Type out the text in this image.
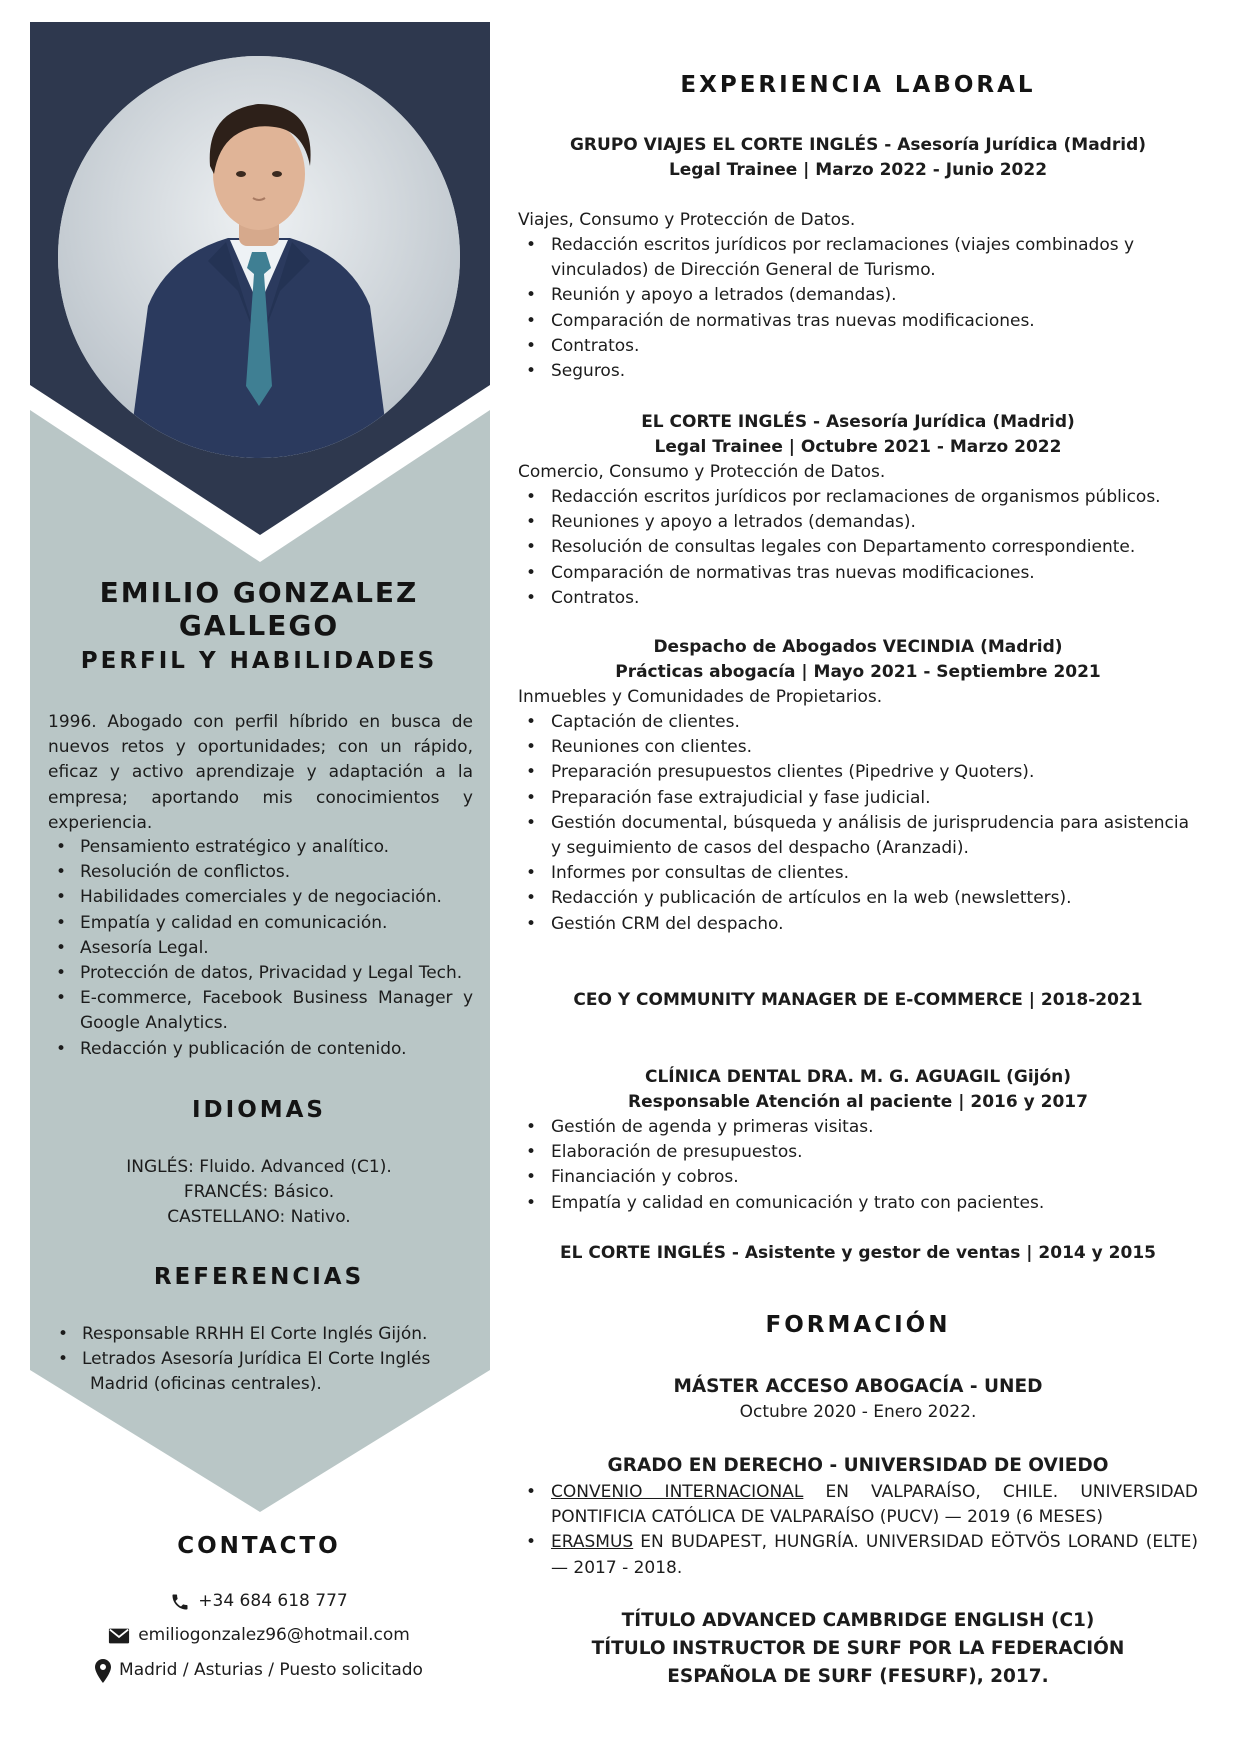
EMILIO GONZALEZ GALLEGO
PERFIL Y HABILIDADES
1996. Abogado con perfil híbrido en busca de nuevos retos y oportunidades; con un rápido, eficaz y activo aprendizaje y adaptación a la empresa; aportando mis conocimientos y experiencia.
• Pensamiento estratégico y analítico.
• Resolución de conflictos.
• Habilidades comerciales y de negociación.
• Empatía y calidad en comunicación.
• Asesoría Legal.
• Protección de datos, Privacidad y Legal Tech.
• E-commerce, Facebook Business Manager y Google Analytics.
• Redacción y publicación de contenido.
IDIOMAS
INGLÉS: Fluido. Advanced (C1).
FRANCÉS: Básico.
CASTELLANO: Nativo.
REFERENCIAS
• Responsable RRHH El Corte Inglés Gijón.
• Letrados Asesoría Jurídica El Corte Inglés Madrid (oficinas centrales).
CONTACTO
+34 684 618 777
emiliogonzalez96@hotmail.com
Madrid / Asturias / Puesto solicitado
EXPERIENCIA LABORAL
GRUPO VIAJES EL CORTE INGLÉS - Asesoría Jurídica (Madrid)
Legal Trainee | Marzo 2022 - Junio 2022
Viajes, Consumo y Protección de Datos.
• Redacción escritos jurídicos por reclamaciones (viajes combinados y vinculados) de Dirección General de Turismo.
• Reunión y apoyo a letrados (demandas).
• Comparación de normativas tras nuevas modificaciones.
• Contratos.
• Seguros.
EL CORTE INGLÉS - Asesoría Jurídica (Madrid)
Legal Trainee | Octubre 2021 - Marzo 2022
Comercio, Consumo y Protección de Datos.
• Redacción escritos jurídicos por reclamaciones de organismos públicos.
• Reuniones y apoyo a letrados (demandas).
• Resolución de consultas legales con Departamento correspondiente.
• Comparación de normativas tras nuevas modificaciones.
• Contratos.
Despacho de Abogados VECINDIA (Madrid)
Prácticas abogacía | Mayo 2021 - Septiembre 2021
Inmuebles y Comunidades de Propietarios.
• Captación de clientes.
• Reuniones con clientes.
• Preparación presupuestos clientes (Pipedrive y Quoters).
• Preparación fase extrajudicial y fase judicial.
• Gestión documental, búsqueda y análisis de jurisprudencia para asistencia y seguimiento de casos del despacho (Aranzadi).
• Informes por consultas de clientes.
• Redacción y publicación de artículos en la web (newsletters).
• Gestión CRM del despacho.
CEO Y COMMUNITY MANAGER DE E-COMMERCE | 2018-2021
CLÍNICA DENTAL DRA. M. G. AGUAGIL (Gijón)
Responsable Atención al paciente | 2016 y 2017
• Gestión de agenda y primeras visitas.
• Elaboración de presupuestos.
• Financiación y cobros.
• Empatía y calidad en comunicación y trato con pacientes.
EL CORTE INGLÉS - Asistente y gestor de ventas | 2014 y 2015
FORMACIÓN
MÁSTER ACCESO ABOGACÍA - UNED
Octubre 2020 - Enero 2022.
GRADO EN DERECHO - UNIVERSIDAD DE OVIEDO
• CONVENIO INTERNACIONAL EN VALPARAÍSO, CHILE. UNIVERSIDAD PONTIFICIA CATÓLICA DE VALPARAÍSO (PUCV) — 2019 (6 MESES)
• ERASMUS EN BUDAPEST, HUNGRÍA. UNIVERSIDAD EÖTVÖS LORAND (ELTE) — 2017 - 2018.
TÍTULO ADVANCED CAMBRIDGE ENGLISH (C1)
TÍTULO INSTRUCTOR DE SURF POR LA FEDERACIÓN ESPAÑOLA DE SURF (FESURF), 2017.
